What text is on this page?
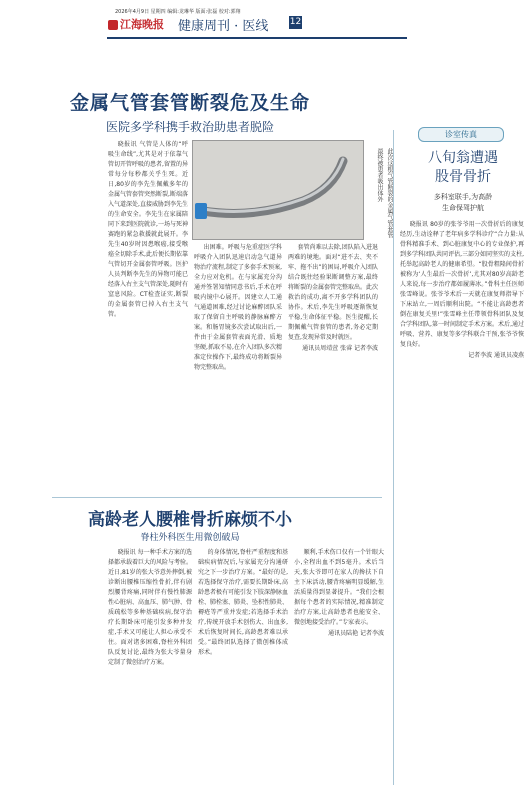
2026年4月9日 星期四 编辑:龙琳华 版面:张磊 校对:郭翔
江海晚报 健康周刊 · 医线 12
金属气管套管断裂危及生命
医院多学科携手救治助患者脱险

晓报讯 气管是人体的“呼吸生命线”,尤其是对于依靠气管切开管呼吸的患者,留置的异常每分每秒都关乎生死。近日,80岁的李先生佩戴多年的金属气管套管突然断裂,断端落入气道深处,直接威胁到李先生的生命安全。李先生在家属陪同下来到医院就诊,一场与死神赛跑的紧急救援就此展开。李先生40岁时因患喉癌,接受喉癌全切除手术,此后便长期依靠气管切开金属套管呼吸。医护人员判断李先生的异物可能已经落入右主支气管深处,随时有窒息风险。CT检查证实,断裂的金属套管已掉入右主支气管。

此次这根气管断裂的金属气管套管最终被患者吸出体外

出困难。呼吸与危重症医学科呼吸介入团队迅速启动急气道异物治疗流程,制定了多套手术预案,全力应对危机。在与家属充分沟通并签署知情同意书后,手术在呼吸内镜中心展开。因建立人工通气通道困难,经过讨论麻醉团队采取了保留自主呼吸的静脉麻醉方案。和肠胃镜多次尝试取出后,一件由于金属套管表面光滑、质地坚硬,抓取不易,在介入团队多次精准定位操作下,最终成功将断裂异物完整取出。

套管尚难以去除,团队陷入进退两难的境地。面对“进不去、夹不牢、拖不出”的困局,呼吸介入团队结合既往经验果断调整方案,最终将断裂的金属套管完整取出。此次救治的成功,离不开多学科团队的协作。术后,李先生呼吸逐渐恢复平稳,生命体征平稳。医生提醒,长期佩戴气管套管的患者,务必定期复查,发现异常及时就医。

通讯员周靖萱 张睿 记者李波

高龄老人腰椎骨折麻烦不小
脊柱外科医生用微创破局

晓报讯 每一种手术方案的选择都承载着巨大的风险与考验。近日,81岁的张大爷意外摔倒,被诊断出腰椎压缩性骨折,伴有剧烈腰背疼痛,同时伴有慢性肺源性心脏病、高血压、肺气肿、骨质疏松等多种基础疾病,保守治疗长期卧床可能引发多种并发症,手术又可能让人担心承受不住。面对诸多困难,脊柱外科团队反复讨论,最终为张大爷量身定制了微创治疗方案。

的身体情况,脊柱严重程度和基础疾病情况后,与家属充分沟通研究之下一步治疗方案。“最好的是,若选择保守治疗,需要长期卧床,高龄患者极有可能引发下肢深静脉血栓、肺栓塞、肺炎、坠积性肺炎、褥疮等严重并发症;若选择手术治疗,传统开放手术创伤大、出血多,术后恢复时间长,高龄患者难以承受。”最终团队选择了微创椎体成形术。

顺利,手术伤口仅有一个针眼大小,全程出血不到5毫升。术后当天,张大爷即可在家人的搀扶下自主下床活动,腰背疼痛明显缓解,生活质量得到显著提升。“我们会根据每个患者的实际情况,精准制定治疗方案,让高龄患者也能安全、微创地接受治疗。”专家表示。

通讯员陆艳 记者李波

诊室传真
八旬翁遭遇
股骨骨折
多科室联手,为高龄
生命保驾护航

晓报讯 80岁的张爷爷用一次骨折后的康复经历,生动诠释了老年病多学科诊疗“合力量:从骨科精准手术、到心脏康复中心的专业保护,再到多学科团队共同评估,三部分如同坚实的支柱,托举起高龄老人的健康希望。“股骨粗隆间骨折被称为‘人生最后一次骨折’,尤其对80岁高龄老人来说,每一步治疗都如履薄冰。”骨科主任医师张雪峰说。张爷爷术后一天就在康复师指导下下床站立,一周后顺利出院。“不能让高龄患者倒在康复关里!”张雪峰主任带领骨科团队及复合学科团队,第一时间制定手术方案。术后,通过呼吸、营养、康复等多学科联合干预,张爷爷恢复良好。

记者李波 通讯员凌燕
